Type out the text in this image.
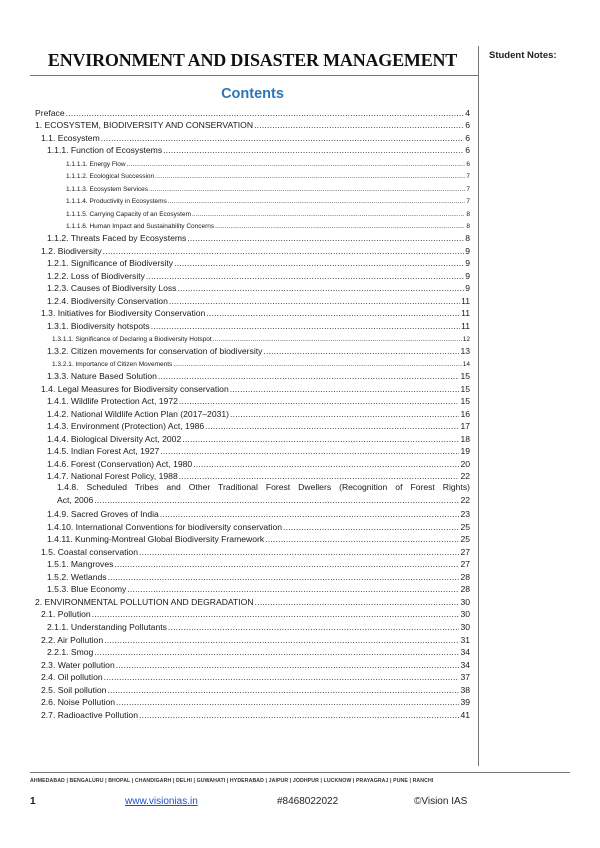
ENVIRONMENT AND DISASTER MANAGEMENT	Student Notes:
Contents
Preface .....	4
1. ECOSYSTEM, BIODIVERSITY AND CONSERVATION .....	6
1.1. Ecosystem .....	6
1.1.1. Function of Ecosystems .....	6
1.1.1.1. Energy Flow .....	6
1.1.1.2. Ecological Succession .....	7
1.1.1.3. Ecosystem Services .....	7
1.1.1.4. Productivity in Ecosystems .....	7
1.1.1.5. Carrying Capacity of an Ecosystem .....	8
1.1.1.6. Human Impact and Sustainability Concerns .....	8
1.1.2. Threats Faced by Ecosystems .....	8
1.2. Biodiversity .....	9
1.2.1. Significance of Biodiversity .....	9
1.2.2. Loss of Biodiversity .....	9
1.2.3. Causes of Biodiversity Loss .....	9
1.2.4. Biodiversity Conservation .....	11
1.3. Initiatives for Biodiversity Conservation .....	11
1.3.1. Biodiversity hotspots .....	11
1.3.1.1. Significance of Declaring a Biodiversity Hotspot .....	12
1.3.2. Citizen movements for conservation of biodiversity .....	13
1.3.2.1. Importance of Citizen Movements .....	14
1.3.3. Nature Based Solution .....	15
1.4. Legal Measures for Biodiversity conservation .....	15
1.4.1. Wildlife Protection Act, 1972 .....	15
1.4.2. National Wildlife Action Plan (2017–2031) .....	16
1.4.3. Environment (Protection) Act, 1986 .....	17
1.4.4. Biological Diversity Act, 2002 .....	18
1.4.5. Indian Forest Act, 1927 .....	19
1.4.6. Forest (Conservation) Act, 1980 .....	20
1.4.7. National Forest Policy, 1988 .....	22
1.4.8. Scheduled Tribes and Other Traditional Forest Dwellers (Recognition of Forest Rights)
Act, 2006 .....	22
1.4.9. Sacred Groves of India .....	23
1.4.10. International Conventions for biodiversity conservation .....	25
1.4.11. Kunming-Montreal Global Biodiversity Framework .....	25
1.5. Coastal conservation .....	27
1.5.1. Mangroves .....	27
1.5.2. Wetlands .....	28
1.5.3. Blue Economy .....	28
2. ENVIRONMENTAL POLLUTION AND DEGRADATION .....	30
2.1. Pollution .....	30
2.1.1. Understanding Pollutants .....	30
2.2. Air Pollution .....	31
2.2.1. Smog .....	34
2.3. Water pollution .....	34
2.4. Oil pollution .....	37
2.5. Soil pollution .....	38
2.6. Noise Pollution .....	39
2.7. Radioactive Pollution .....	41
AHMEDABAD | BENGALURU | BHOPAL | CHANDIGARH | DELHI | GUWAHATI | HYDERABAD | JAIPUR | JODHPUR | LUCKNOW | PRAYAGRAJ | PUNE | RANCHI
1	www.visionias.in	#8468022022	©Vision IAS
